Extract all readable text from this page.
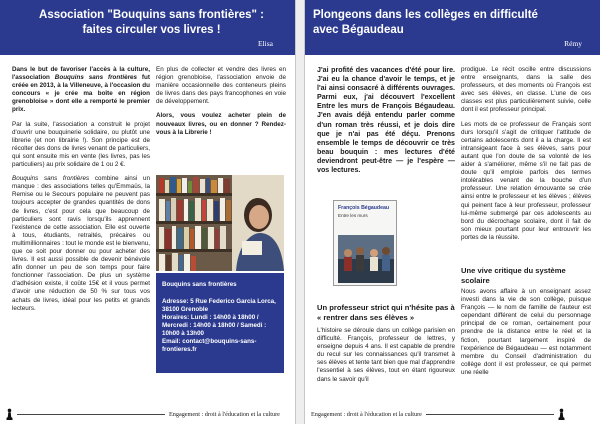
Association "Bouquins sans frontières" : faites circuler vos livres !
Elisa

Dans le but de favoriser l'accès à la culture, l'association Bouquins sans frontières fut créée en 2013, à la Villeneuve, à l'occasion du concours « je crée ma boîte en région grenobloise » dont elle a remporté le premier prix.

Par la suite, l'association a construit le projet d'ouvrir une bouquinerie solidaire, ou plutôt une librerie (et non librairie !). Son principe est de récolter des dons de livres venant de particuliers, qui sont ensuite mis en vente (les livres, pas les particuliers) au prix solidaire de 1 ou 2 €.

Bouquins sans frontières combine ainsi un manque : des associations telles qu'Emmaüs, la Remise ou le Secours populaire ne peuvent pas toujours accepter de grandes quantités de dons de livres, c'est pour cela que beaucoup de particuliers sont ravis lorsqu'ils apprennent l'existence de cette association. Elle est ouverte à tous, étudiants, retraités, précaires ou multimillionnaires : tout le monde est le bienvenu, que ce soit pour donner ou pour acheter des livres. Il est aussi possible de devenir bénévole afin donner un peu de son temps pour faire fonctionner l'association. De plus un système d'adhésion existe, il coûte 15€ et il vous permet d'avoir une réduction de 50 % sur tous vos achats de livres, idéal pour les petits et grands lecteurs.

En plus de collecter et vendre des livres en région grenobloise, l'association envoie de manière occasionnelle des conteneurs pleins de livres dans des pays francophones en voie de développement.

Alors, vous voulez acheter plein de nouveaux livres, ou en donner ? Rendez-vous à la Librerie !

Bouquins sans frontières
Adresse: 5 Rue Federico Garcia Lorca, 38100 Grenoble
Horaires: Lundi : 14h00 à 18h00 / Mercredi : 14h00 à 18h00 / Samedi : 10h00 à 13h00
Email: contact@bouquins-sans-frontieres.fr
Engagement : droit à l'éducation et la culture
Plongeons dans les collèges en difficulté avec Bégaudeau
Rémy
J'ai profité des vacances d'été pour lire. J'ai eu la chance d'avoir le temps, et je l'ai ainsi consacré à différents ouvrages. Parmi eux, j'ai découvert l'excellent Entre les murs de François Bégaudeau. J'en avais déjà entendu parler comme d'un roman très réussi, et je dois dire que je n'ai pas été déçu. Prenons ensemble le temps de découvrir ce très beau bouquin : mes lectures d'été deviendront peut-être — je l'espère — vos lectures.
François Bégaudeau
Entre les murs
Un professeur strict qui n'hésite pas à « rentrer dans ses élèves »
L'histoire se déroule dans un collège parisien en difficulté. François, professeur de lettres, y enseigne depuis 4 ans. Il est capable de prendre du recul sur les connaissances qu'il transmet à ses élèves et tente tant bien que mal d'apprendre l'essentiel à ses élèves, tout en étant rigoureux dans le savoir qu'il

prodigue. Le récit oscille entre discussions entre enseignants, dans la salle des professeurs, et des moments où François est avec ses élèves, en classe. L'une de ces classes est plus particulièrement suivie, celle dont il est professeur principal.

Les mots de ce professeur de Français sont durs lorsqu'il s'agit de critiquer l'attitude de certains adolescents dont il a la charge. Il est intransigeant face à ses élèves, sans pour autant que l'on doute de sa volonté de les aider à s'améliorer, même s'il ne fait pas de doute qu'il emploie parfois des termes intolérables venant de la bouche d'un professeur. Une relation émouvante se crée ainsi entre le professeur et les élèves ; élèves qui peinent face à leur professeur, professeur lui-même submergé par ces adolescents au bord du décrochage scolaire, dont il fait de son mieux pourtant pour leur entrouvrir les portes de la réussite.

Une vive critique du système scolaire
Nous avons affaire à un enseignant assez investi dans la vie de son collège, puisque François — le nom de famille de l'auteur est cependant différent de celui du personnage principal de ce roman, certainement pour prendre de la distance entre le réel et la fiction, pourtant largement inspiré de l'expérience de Bégaudeau — est notamment membre du Conseil d'administration du collège dont il est professeur, ce qui permet une réelle
Engagement : droit à l'éducation et la culture
